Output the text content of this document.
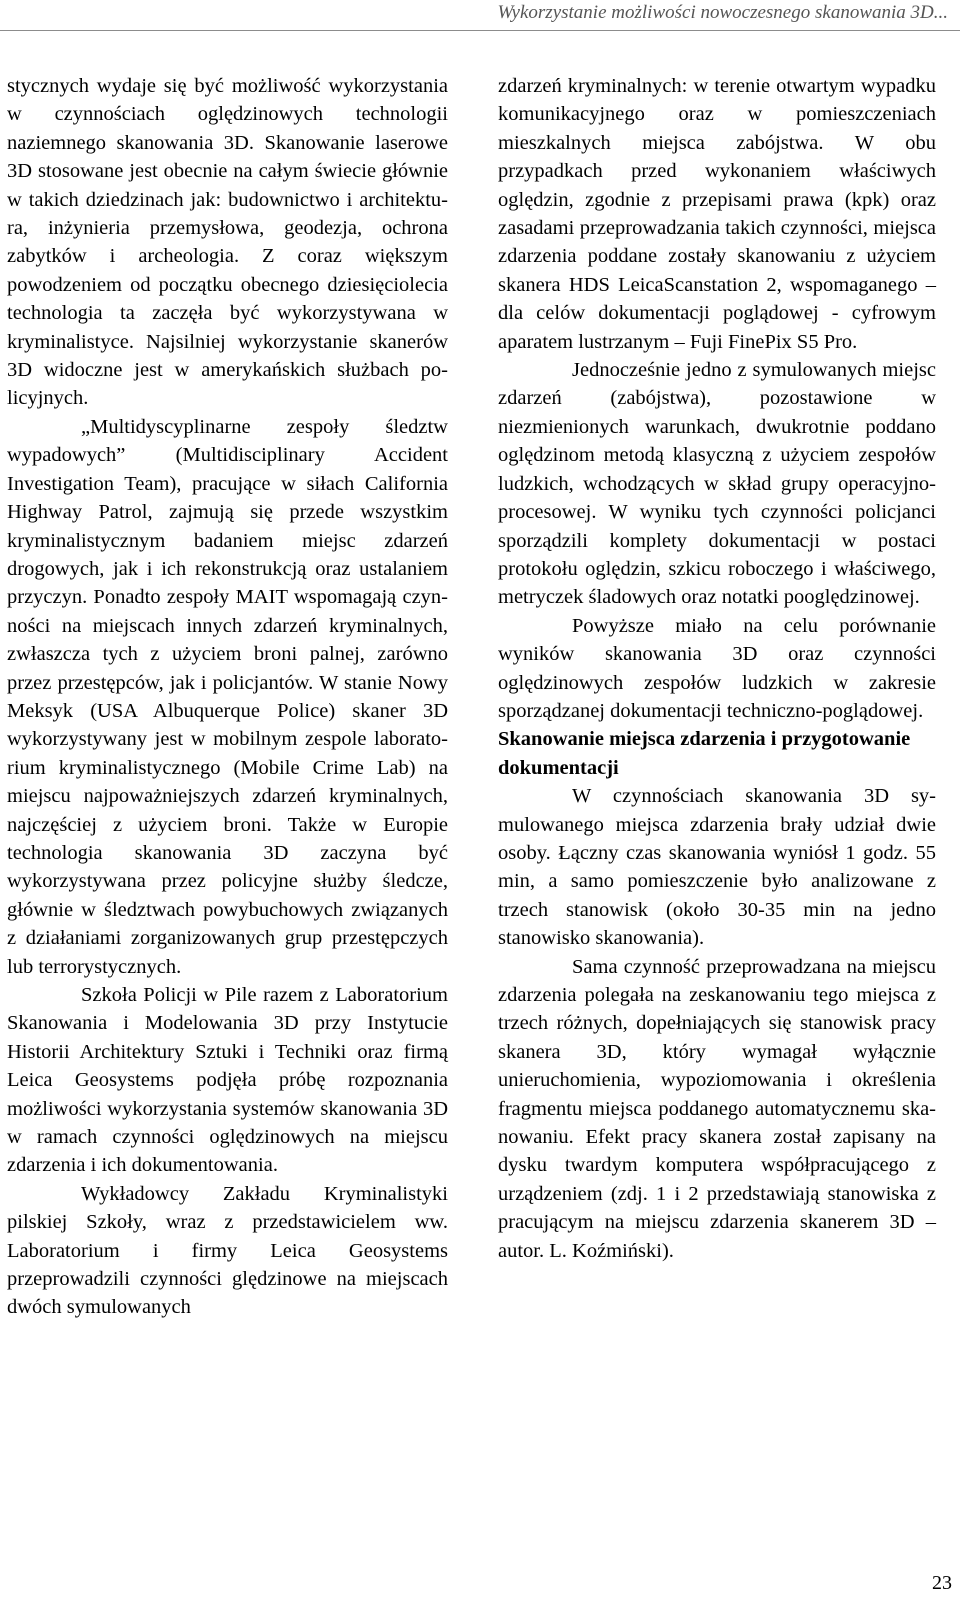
Wykorzystanie możliwości nowoczesnego skanowania 3D...

stycznych wydaje się być możliwość wykorzystania w czynnościach oględzinowych technologii naziemnego skanowania 3D. Skanowanie laserowe 3D stosowane jest obecnie na całym świecie głównie w takich dziedzinach jak: budownictwo i architektura, inżynieria przemysłowa, geodezja, ochrona zabytków i archeologia. Z coraz większym powodzeniem od początku obecnego dziesięciolecia technologia ta zaczęła być wykorzystywana w kryminalistyce. Najsilniej wykorzystanie skanerów 3D widoczne jest w amerykańskich służbach policyjnych.

„Multidyscyplinarne zespoły śledztw wypadowych” (Multidisciplinary Accident Investigation Team), pracujące w siłach California Highway Patrol, zajmują się przede wszystkim kryminalistycznym badaniem miejsc zdarzeń drogowych, jak i ich rekonstrukcją oraz ustalaniem przyczyn. Ponadto zespoły MAIT wspomagają czynności na miejscach innych zdarzeń kryminalnych, zwłaszcza tych z użyciem broni palnej, zarówno przez przestępców, jak i policjantów. W stanie Nowy Meksyk (USA Albuquerque Police) skaner 3D wykorzystywany jest w mobilnym zespole laboratorium kryminalistycznego (Mobile Crime Lab) na miejscu najpoważniejszych zdarzeń kryminalnych, najczęściej z użyciem broni. Także w Europie technologia skanowania 3D zaczyna być wykorzystywana przez policyjne służby śledcze, głównie w śledztwach powybuchowych związanych z działaniami zorganizowanych grup przestępczych lub terrorystycznych.

Szkoła Policji w Pile razem z Laboratorium Skanowania i Modelowania 3D przy Instytucie Historii Architektury Sztuki i Techniki oraz firmą Leica Geosystems podjęła próbę rozpoznania możliwości wykorzystania systemów skanowania 3D w ramach czynności oględzinowych na miejscu zdarzenia i ich dokumentowania.

Wykładowcy Zakładu Kryminalistyki pilskiej Szkoły, wraz z przedstawicielem ww. Laboratorium i firmy Leica Geosystems przeprowadzili czynności ględzinowe na miejscach dwóch symulowanych

zdarzeń kryminalnych: w terenie otwartym wypadku komunikacyjnego oraz w pomieszczeniach mieszkalnych miejsca zabójstwa. W obu przypadkach przed wykonaniem właściwych oględzin, zgodnie z przepisami prawa (kpk) oraz zasadami przeprowadzania takich czynności, miejsca zdarzenia poddane zostały skanowaniu z użyciem skanera HDS LeicaScanstation 2, wspomaganego – dla celów dokumentacji poglądowej - cyfrowym aparatem lustrzanym – Fuji FinePix S5 Pro.

Jednocześnie jedno z symulowanych miejsc zdarzeń (zabójstwa), pozostawione w niezmienionych warunkach, dwukrotnie poddano oględzinom metodą klasyczną z użyciem zespołów ludzkich, wchodzących w skład grupy operacyjno-procesowej. W wyniku tych czynności policjanci sporządzili komplety dokumentacji w postaci protokołu oględzin, szkicu roboczego i właściwego, metryczek śladowych oraz notatki pooględzinowej.

Powyższe miało na celu porównanie wyników skanowania 3D oraz czynności oględzinowych zespołów ludzkich w zakresie sporządzanej dokumentacji techniczno-poglądowej.

Skanowanie miejsca zdarzenia i przygotowanie dokumentacji

W czynnościach skanowania 3D symulowanego miejsca zdarzenia brały udział dwie osoby. Łączny czas skanowania wyniósł 1 godz. 55 min, a samo pomieszczenie było analizowane z trzech stanowisk (około 30-35 min na jedno stanowisko skanowania).

Sama czynność przeprowadzana na miejscu zdarzenia polegała na zeskanowaniu tego miejsca z trzech różnych, dopełniających się stanowisk pracy skanera 3D, który wymagał wyłącznie unieruchomienia, wypoziomowania i określenia fragmentu miejsca poddanego automatycznemu skanowaniu. Efekt pracy skanera został zapisany na dysku twardym komputera współpracującego z urządzeniem (zdj. 1 i 2 przedstawiają stanowiska z pracującym na miejscu zdarzenia skanerem 3D – autor. L. Koźmiński).

23
